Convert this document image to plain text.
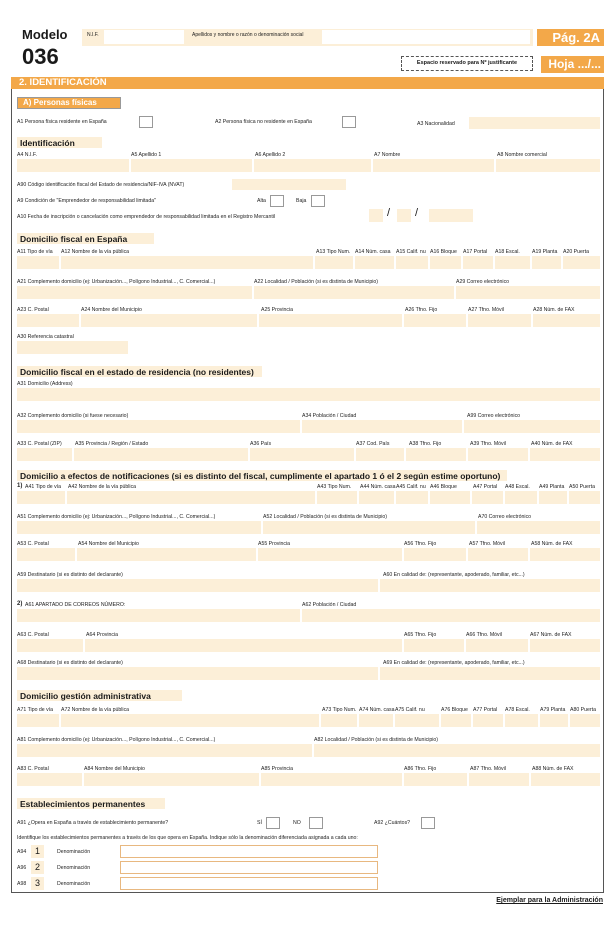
Modelo
036
N.I.F.	Apellidos y nombre o razón o denominación social	Pág. 2A
Espacio reservado para Nº justificante	Hoja .../...
2. IDENTIFICACIÓN
A) Personas físicas
A1 Persona física residente en España	A2 Persona física no residente en España	A3 Nacionalidad
Identificación
A4 N.I.F.	A5 Apellido 1	A6 Apellido 2	A7 Nombre	A8 Nombre comercial
A90 Código identificación fiscal del Estado de residencia/NIF-IVA (NVAT)
A9 Condición de "Emprendedor de responsabilidad limitada"	Alta	Baja
A10 Fecha de inscripción o cancelación como emprendedor de responsabilidad limitada en el Registro Mercantil	/ /
Domicilio fiscal en España
A11 Tipo de vía A12 Nombre de la vía pública	A13 Tipo Num. A14 Núm. casa A15 Calif. nu A16 Bloque A17 Portal A18 Escal. A19 Planta A20 Puerta
A21 Complemento domicilio (ej: Urbanización..., Polígono Industrial..., C. Comercial...)	A22 Localidad / Población (si es distinta de Municipio)	A29 Correo electrónico
A23 C. Postal	A24 Nombre del Municipio	A25 Provincia	A26 Tfno. Fijo	A27 Tfno. Móvil	A28 Núm. de FAX
A30 Referencia catastral
Domicilio fiscal en el estado de residencia (no residentes)
A31 Domicilio (Address)
A32 Complemento domicilio (si fuese necesario)	A34 Población / Ciudad	A99 Correo electrónico
A33 C. Postal (ZIP)	A35 Provincia / Región / Estado	A36 País	A37 Cod. País	A38 Tfno. Fijo	A39 Tfno. Móvil	A40 Núm. de FAX
Domicilio a efectos de notificaciones (si es distinto del fiscal, cumplimente el apartado 1 ó el 2 según estime oportuno)
1) A41 Tipo de vía A42 Nombre de la vía pública	A43 Tipo Num. A44 Núm. casa A45 Calif. nu A46 Bloque	A47 Portal A48 Escal. A49 Planta A50 Puerta
A51 Complemento domicilio (ej: Urbanización..., Polígono Industrial..., C. Comercial...)	A52 Localidad / Población (si es distinta de Municipio)	A70 Correo electrónico
A53 C. Postal	A54 Nombre del Municipio	A55 Provincia	A56 Tfno. Fijo	A57 Tfno. Móvil	A58 Núm. de FAX
A59 Destinatario (si es distinto del declarante)	A60 En calidad de: (representante, apoderado, familiar, etc...)
2) A61 APARTADO DE CORREOS NÚMERO:	A62 Población / Ciudad
A63 C. Postal	A64 Provincia	A65 Tfno. Fijo	A66 Tfno. Móvil	A67 Núm. de FAX
A68 Destinatario (si es distinto del declarante)	A69 En calidad de: (representante, apoderado, familiar, etc...)
Domicilio gestión administrativa
A71 Tipo de vía A72 Nombre de la vía pública	A73 Tipo Num. A74 Núm. casa A75 Calif. nu	A76 Bloque A77 Portal A78 Escal. A79 Planta A80 Puerta
A81 Complemento domicilio (ej: Urbanización..., Polígono Industrial..., C. Comercial...)	A82 Localidad / Población (si es distinta de Municipio)
A83 C. Postal	A84 Nombre del Municipio	A85 Provincia	A86 Tfno. Fijo	A87 Tfno. Móvil	A88 Núm. de FAX
Establecimientos permanentes
A91 ¿Opera en España a través de establecimiento permanente?	SÍ	NO	A92 ¿Cuántos?
Identifique los establecimientos permanentes a través de los que opera en España. Indique sólo la denominación diferenciada asignada a cada uno:
A94 1	Denominación
A96 2	Denominación
A98 3	Denominación
Ejemplar para la Administración
